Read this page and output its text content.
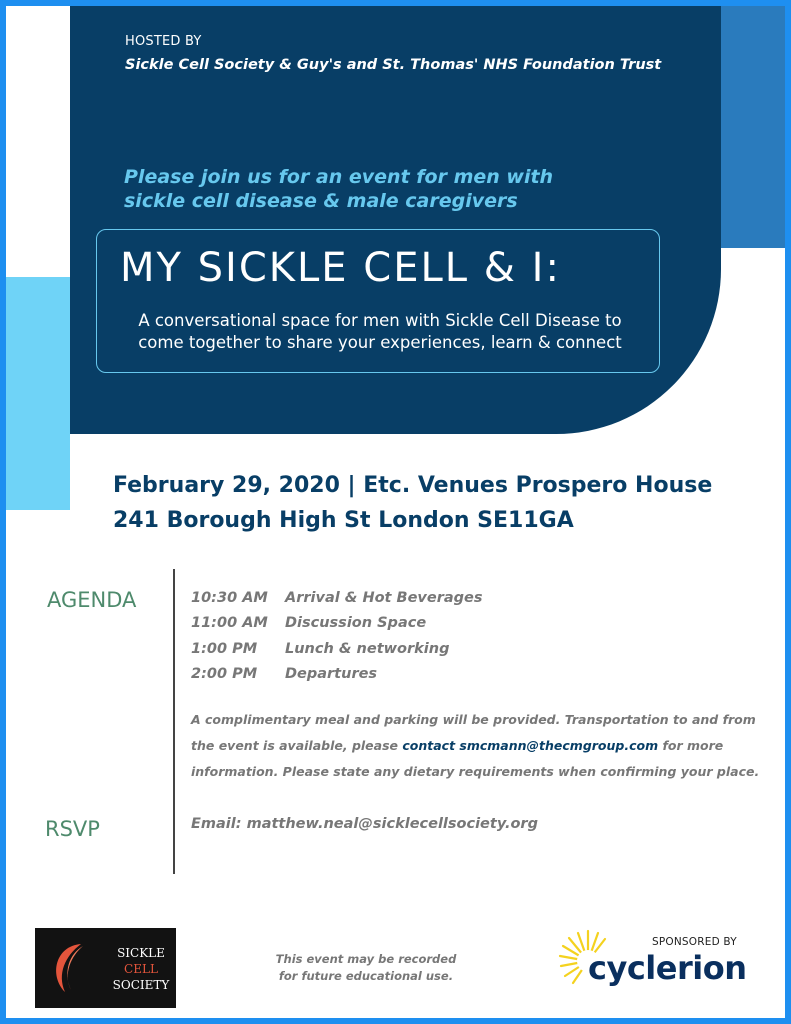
HOSTED BY
Sickle Cell Society & Guy's and St. Thomas' NHS Foundation Trust
Please join us for an event for men with
sickle cell disease & male caregivers
MY SICKLE CELL & I:
A conversational space for men with Sickle Cell Disease to
come together to share your experiences, learn & connect
February 29, 2020 | Etc. Venues Prospero House
241 Borough High St London SE11GA
AGENDA	10:30 AM	Arrival & Hot Beverages
11:00 AM	Discussion Space
1:00 PM	Lunch & networking
2:00 PM	Departures
A complimentary meal and parking will be provided. Transportation to and from
the event is available, please contact smcmann@thecmgroup.com for more
information. Please state any dietary requirements when confirming your place.
RSVP	Email: matthew.neal@sicklecellsociety.org
SICKLE
CELL
SOCIETY
This event may be recorded
for future educational use.
SPONSORED BY
cyclerion
